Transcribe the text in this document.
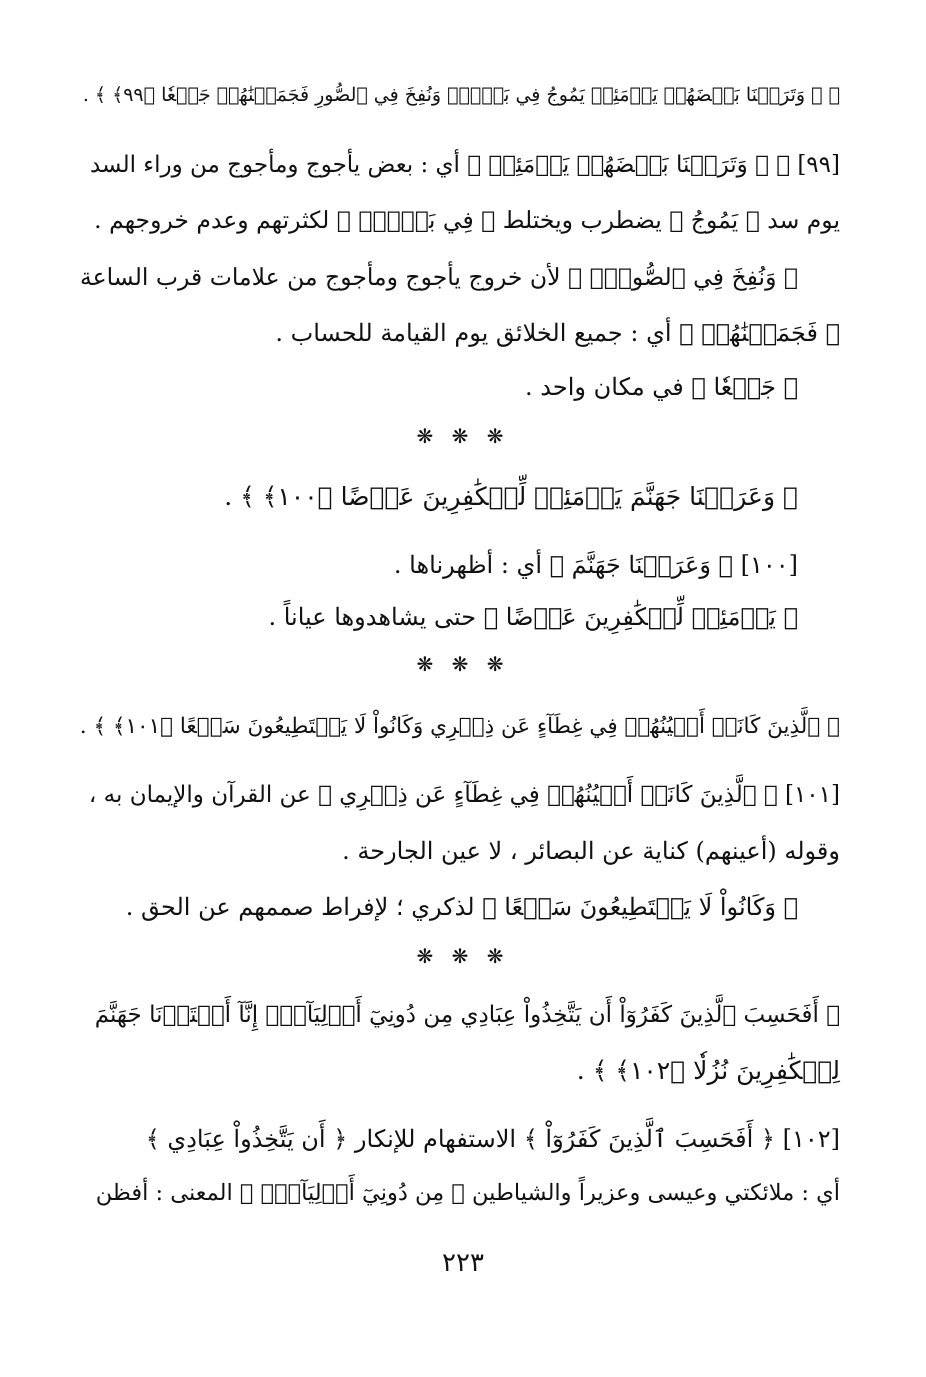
﴿ ۞ وَتَرَكۡنَا بَعۡضَهُمۡ يَوۡمَئِذٖ يَمُوجُ فِي بَعۡضٖۖ وَنُفِخَ فِي ٱلصُّورِ فَجَمَعۡنَٰهُمۡ جَمۡعٗا ﴿٩٩﴾ ﴾ .

[٩٩] ﴿ ۞ وَتَرَكۡنَا بَعۡضَهُمۡ يَوۡمَئِذٖ ﴾ أي : بعض يأجوج ومأجوج من وراء السد

يوم سد ﴿ يَمُوجُ ﴾ يضطرب ويختلط ﴿ فِي بَعۡضٖۖ ﴾ لكثرتهم وعدم خروجهم .

﴿ وَنُفِخَ فِي ٱلصُّورِۖ ﴾ لأن خروج يأجوج ومأجوج من علامات قرب الساعة

﴿ فَجَمَعۡنَٰهُمۡ ﴾ أي : جميع الخلائق يوم القيامة للحساب .

﴿ جَمۡعٗا ﴾ في مكان واحد .

❋ ❋ ❋

﴿ وَعَرَضۡنَا جَهَنَّمَ يَوۡمَئِذٖ لِّلۡكَٰفِرِينَ عَرۡضًا ﴿١٠٠﴾ ﴾ .

[١٠٠] ﴿ وَعَرَضۡنَا جَهَنَّمَ ﴾ أي : أظهرناها .

﴿ يَوۡمَئِذٖ لِّلۡكَٰفِرِينَ عَرۡضًا ﴾ حتى يشاهدوها عياناً .

❋ ❋ ❋

﴿ ٱلَّذِينَ كَانَتۡ أَعۡيُنُهُمۡ فِي غِطَآءٍ عَن ذِكۡرِي وَكَانُواْ لَا يَسۡتَطِيعُونَ سَمۡعًا ﴿١٠١﴾ ﴾ .

[١٠١] ﴿ ٱلَّذِينَ كَانَتۡ أَعۡيُنُهُمۡ فِي غِطَآءٍ عَن ذِكۡرِي ﴾ عن القرآن والإيمان به ،

وقوله (أعينهم) كناية عن البصائر ، لا عين الجارحة .

﴿ وَكَانُواْ لَا يَسۡتَطِيعُونَ سَمۡعًا ﴾ لذكري ؛ لإفراط صممهم عن الحق .

❋ ❋ ❋

﴿ أَفَحَسِبَ ٱلَّذِينَ كَفَرُوٓاْ أَن يَتَّخِذُواْ عِبَادِي مِن دُونِيٓ أَوۡلِيَآءَۚ إِنَّآ أَعۡتَدۡنَا جَهَنَّمَ

لِلۡكَٰفِرِينَ نُزُلٗا ﴿١٠٢﴾ ﴾ .

[١٠٢] ﴿ أَفَحَسِبَ ٱلَّذِينَ كَفَرُوٓاْ ﴾ الاستفهام للإنكار ﴿ أَن يَتَّخِذُواْ عِبَادِي ﴾

أي : ملائكتي وعيسى وعزيراً والشياطين ﴿ مِن دُونِيٓ أَوۡلِيَآءَۚ ﴾ المعنى : أفظن

٢٢٣
